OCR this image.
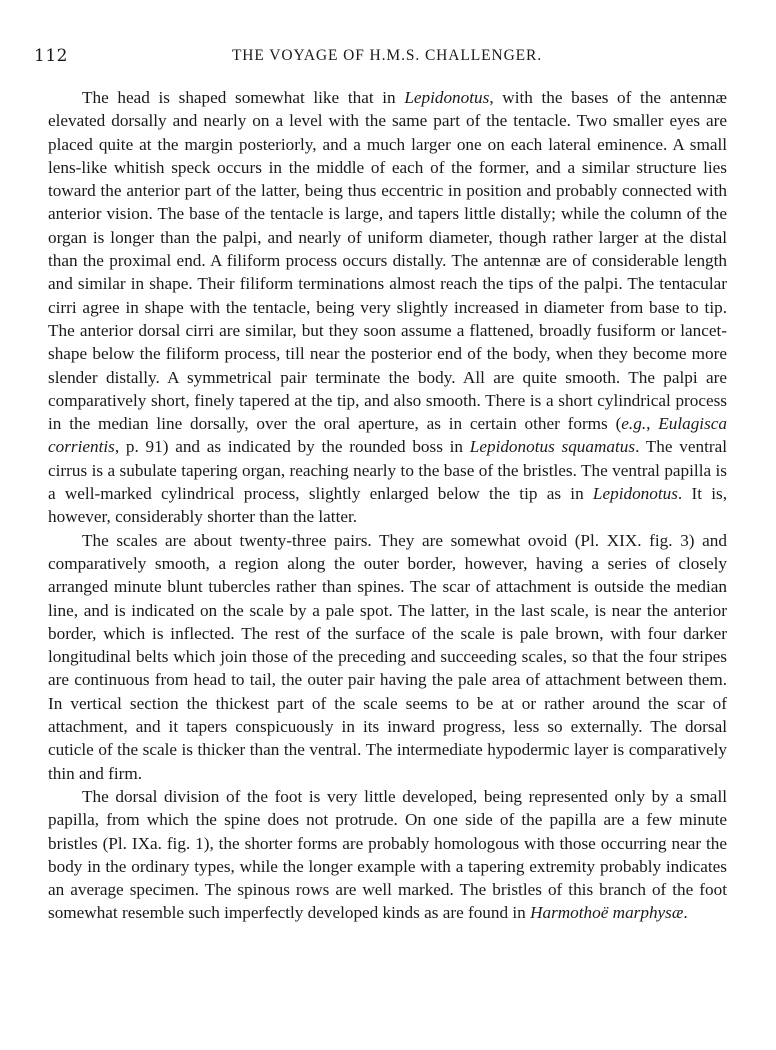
112	THE VOYAGE OF H.M.S. CHALLENGER.

The head is shaped somewhat like that in Lepidonotus, with the bases of the antennæ elevated dorsally and nearly on a level with the same part of the tentacle. Two smaller eyes are placed quite at the margin posteriorly, and a much larger one on each lateral eminence. A small lens-like whitish speck occurs in the middle of each of the former, and a similar structure lies toward the anterior part of the latter, being thus eccentric in position and probably connected with anterior vision. The base of the tentacle is large, and tapers little distally; while the column of the organ is longer than the palpi, and nearly of uniform diameter, though rather larger at the distal than the proximal end. A filiform process occurs distally. The antennæ are of considerable length and similar in shape. Their filiform terminations almost reach the tips of the palpi. The tentacular cirri agree in shape with the tentacle, being very slightly increased in diameter from base to tip. The anterior dorsal cirri are similar, but they soon assume a flattened, broadly fusiform or lancet-shape below the filiform process, till near the posterior end of the body, when they become more slender distally. A symmetrical pair terminate the body. All are quite smooth. The palpi are comparatively short, finely tapered at the tip, and also smooth. There is a short cylindrical process in the median line dorsally, over the oral aperture, as in certain other forms (e.g., Eulagisca corrientis, p. 91) and as indicated by the rounded boss in Lepidonotus squamatus. The ventral cirrus is a subulate tapering organ, reaching nearly to the base of the bristles. The ventral papilla is a well-marked cylindrical process, slightly enlarged below the tip as in Lepidonotus. It is, however, considerably shorter than the latter.

The scales are about twenty-three pairs. They are somewhat ovoid (Pl. XIX. fig. 3) and comparatively smooth, a region along the outer border, however, having a series of closely arranged minute blunt tubercles rather than spines. The scar of attachment is outside the median line, and is indicated on the scale by a pale spot. The latter, in the last scale, is near the anterior border, which is inflected. The rest of the surface of the scale is pale brown, with four darker longitudinal belts which join those of the preceding and succeeding scales, so that the four stripes are continuous from head to tail, the outer pair having the pale area of attachment between them. In vertical section the thickest part of the scale seems to be at or rather around the scar of attachment, and it tapers conspicuously in its inward progress, less so externally. The dorsal cuticle of the scale is thicker than the ventral. The intermediate hypodermic layer is comparatively thin and firm.

The dorsal division of the foot is very little developed, being represented only by a small papilla, from which the spine does not protrude. On one side of the papilla are a few minute bristles (Pl. IXa. fig. 1), the shorter forms are probably homologous with those occurring near the body in the ordinary types, while the longer example with a tapering extremity probably indicates an average specimen. The spinous rows are well marked. The bristles of this branch of the foot somewhat resemble such imperfectly developed kinds as are found in Harmothoë marphysæ.
